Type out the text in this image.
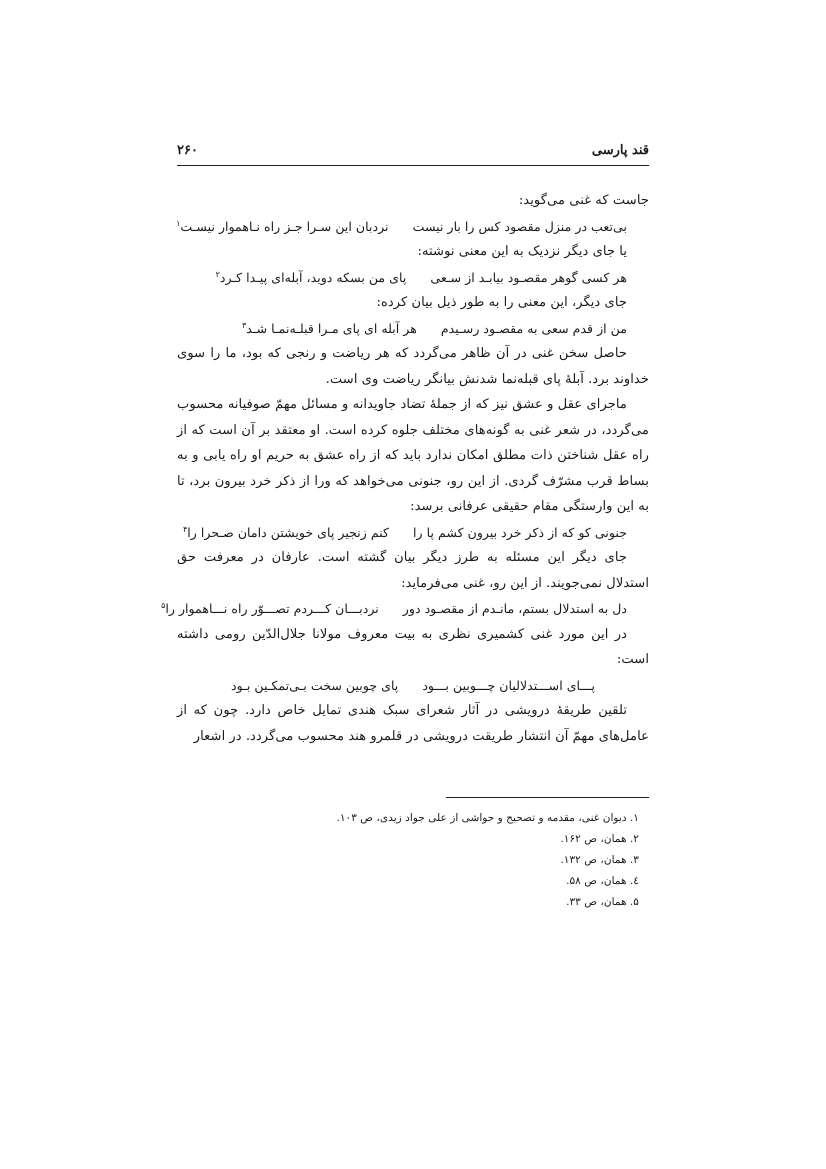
قند پارسی
۲۶۰

جاست که غنی می‌گوید:

بی‌تعب در منزل مقصود کس را بار نیست
نردبان این سـرا جـز راه نـاهموار نیسـت$^۱$

یا جای دیگر نزدیک به این معنی نوشته:

هر کسی گوهر مقصـود بیابـد از سـعی
پای من بسکه دوید، آبله‌ای پیـدا کـرد$^۲$

جای دیگر، این معنی را به طور ذیل بیان کرده:

من از قدم سعی به مقصـود رسـیدم
هر آبله ای پای مـرا قبلـه‌نمـا شـد$^۳$

حاصل سخن غنی در آن ظاهر می‌گردد که هر ریاضت و رنجی که بود، ما را سوی خداوند برد. آبلۀ پای قبله‌نما شدنش بیانگر ریاضت وی است.

ماجرای عقل و عشق نیز که از جملۀ تضاد جاویدانه و مسائل مهمّ صوفیانه محسوب می‌گردد، در شعر غنی به گونه‌های مختلف جلوه کرده است. او معتقد بر آن است که از راه عقل شناختن ذات مطلق امکان ندارد باید که از راه عشق به حریم او راه یابی و به بساط قرب مشرّف گردی. از این رو، جنونی می‌خواهد که ورا از ذکر خرد بیرون برد، تا به این وارستگی مقام حقیقی عرفانی برسد:

جنونی کو که از ذکر خرد بیرون کشم پا را
کنم زنجیر پای خویشتن دامان صـحرا را$^۴$

جای دیگر این مسئله به طرز دیگر بیان گشته است. عارفان در معرفت حق استدلال نمی‌جویند. از این رو، غنی می‌فرماید:

دل به استدلال بستم، مانـدم از مقصـود دور
نردبـــان کـــردم تصـــوّر راه نـــاهموار را$^۵$

در این مورد غنی کشمیری نظری به بیت معروف مولانا جلال‌الدّین رومی داشته است:

پـــای اســـتدلالیان چـــوبین بـــود
پای چوبین سخت بـی‌تمکـین بـود

تلقین طریقۀ درویشی در آثار شعرای سبک هندی تمایل خاص دارد. چون که از عامل‌های مهمّ آن انتشار طریقت درویشی در قلمرو هند محسوب می‌گردد. در اشعار

۱. دیوان غنی، مقدمه و تصحیح و حواشی از علی جواد زیدی، ص ۱۰۳.

۲. همان، ص ۱۶۲.

۳. همان، ص ۱۳۲.

٤. همان، ص ۵۸.

۵. همان، ص ۳۳.
